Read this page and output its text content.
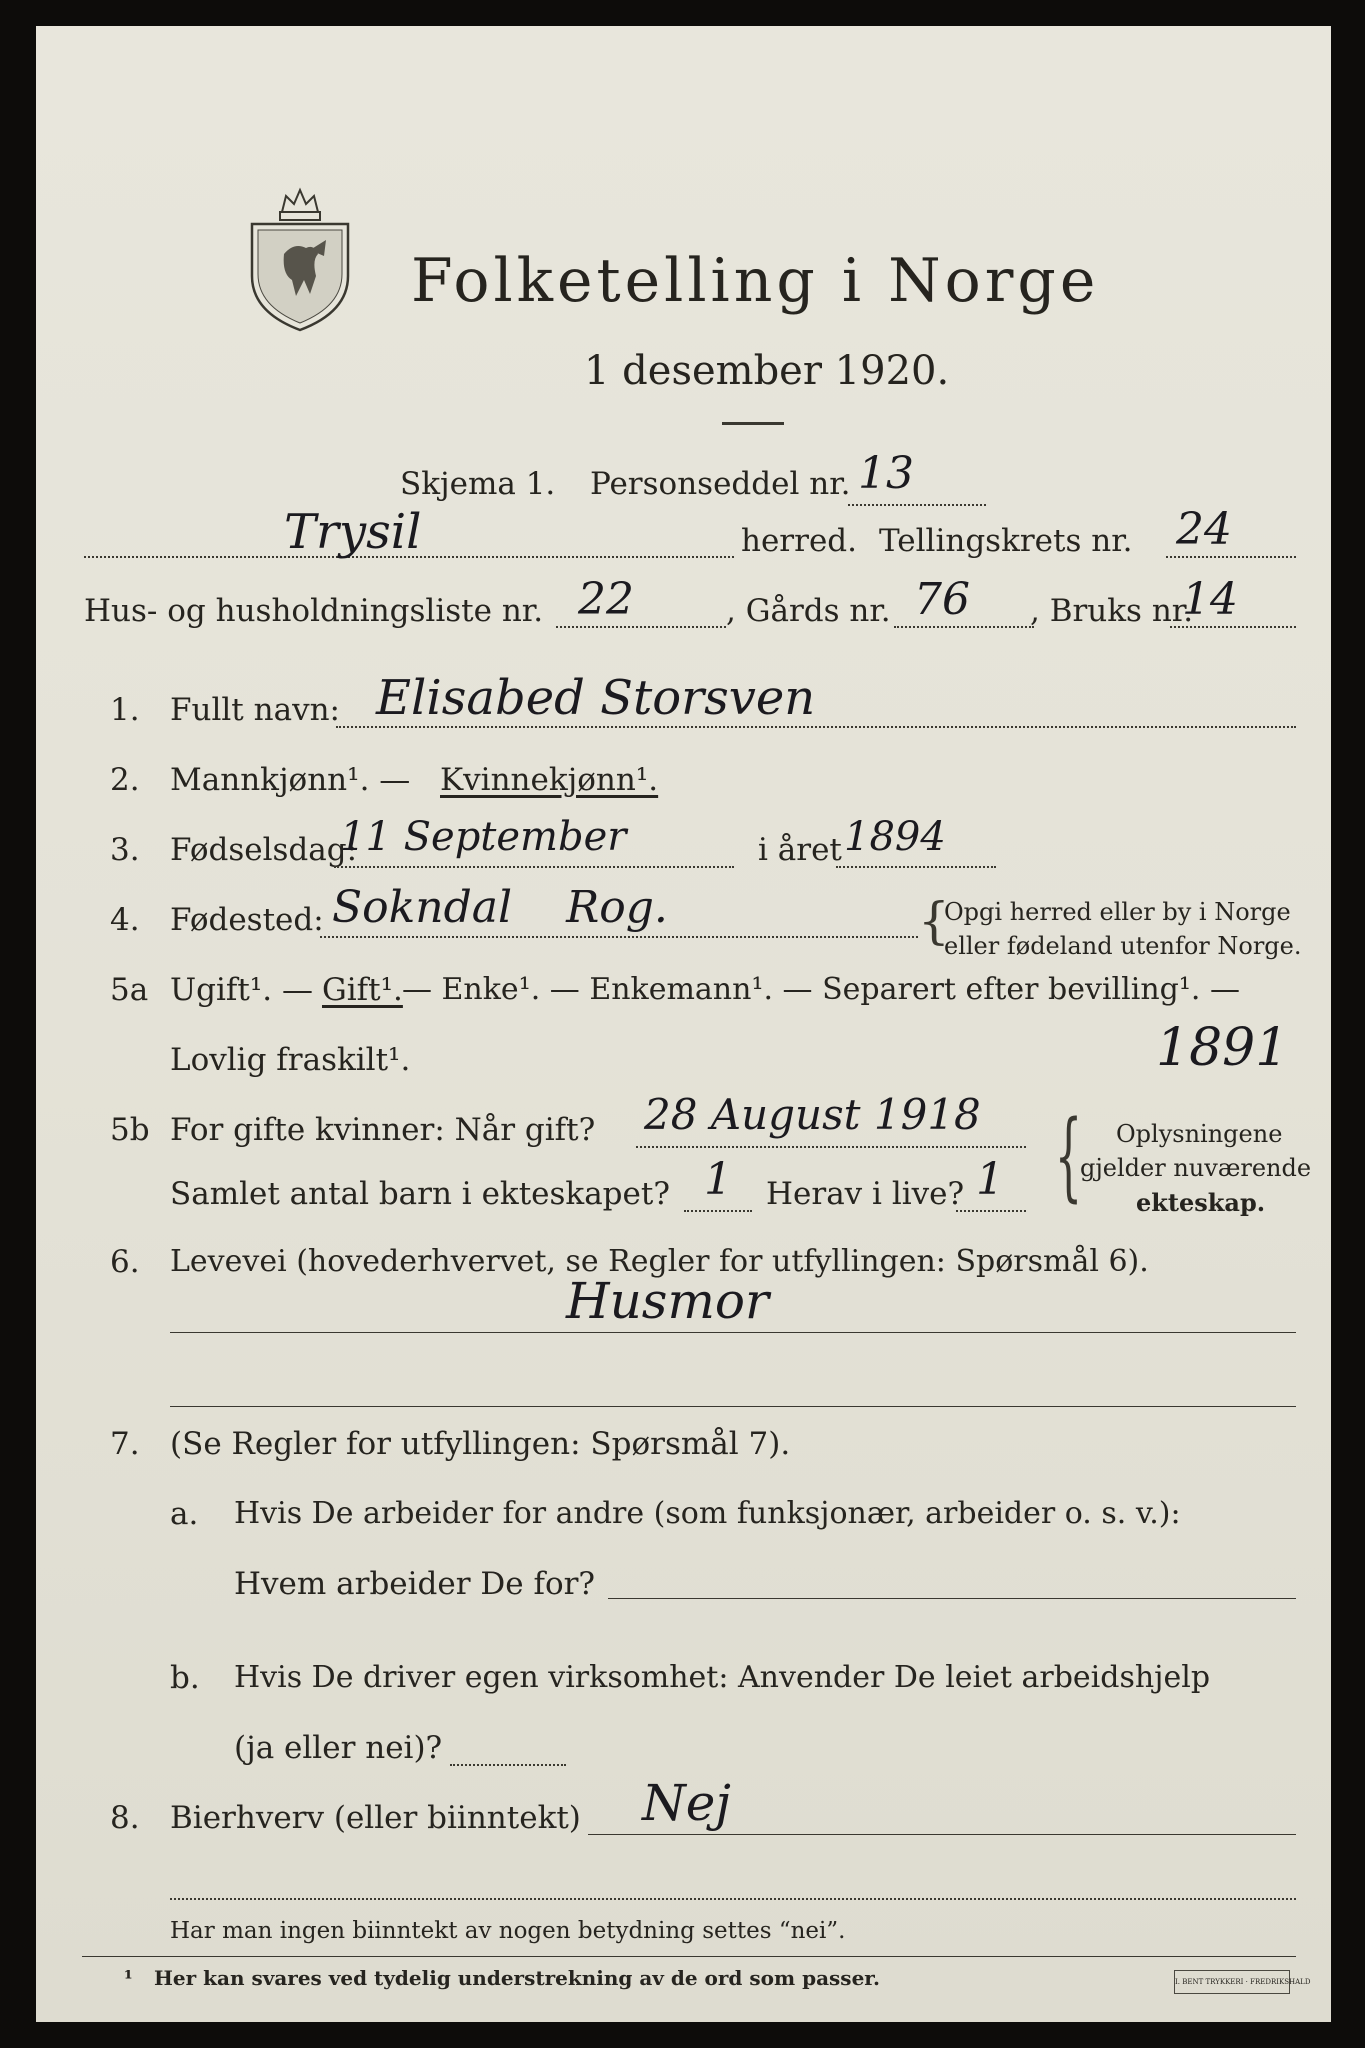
Folketelling i Norge
1 desember 1920.
Skjema 1. Personseddel nr. 13
Trysil	herred. Tellingskrets nr. 24
Hus- og husholdningsliste nr. 22	, Gårds nr. 76 , Bruks nr.
14
1. Fullt navn: Elisabed Storsven
2. Mannkjønn¹. — Kvinnekjønn¹.
3. Fødselsdag:
11 September	i året 1894
4. Fødested: Sokndal Rog.	{
Opgi herred eller by i Norge
eller fødeland utenfor Norge.
5a Ugift¹. — Gift¹. — Enke¹. — Enkemann¹. — Separert efter bevilling¹. —
Lovlig fraskilt¹.	1891
5b For gifte kvinner: Når gift? 28 August 1918
Samlet antal barn i ekteskapet? 1 Herav i live? 1 { Oplysningene
gjelder nuværende
ekteskap.
6. Levevei (hovederhvervet, se Regler for utfyllingen: Spørsmål 6).
Husmor
7. (Se Regler for utfyllingen: Spørsmål 7).
a. Hvis De arbeider for andre (som funksjonær, arbeider o. s. v.):
Hvem arbeider De for?
b. Hvis De driver egen virksomhet: Anvender De leiet arbeidshjelp
(ja eller nei)?
8. Bierhverv (eller biinntekt) Nej
Har man ingen biinntekt av nogen betydning settes “nei”.
¹ Her kan svares ved tydelig understrekning av de ord som passer.	I. BENT TRYKKERI · FREDRIKSHALD
